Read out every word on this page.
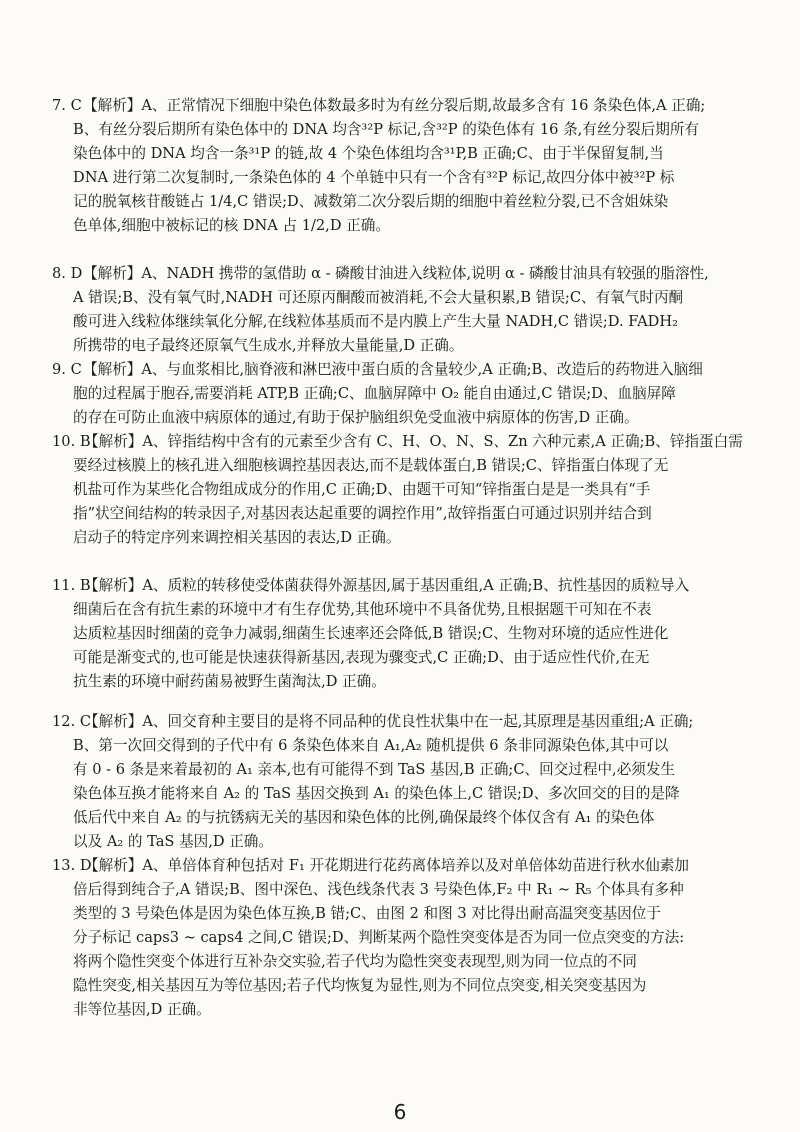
7. C【解析】A、正常情况下细胞中染色体数最多时为有丝分裂后期,故最多含有 16 条染色体,A 正确;
B、有丝分裂后期所有染色体中的 DNA 均含³²P 标记,含³²P 的染色体有 16 条,有丝分裂后期所有
染色体中的 DNA 均含一条³¹P 的链,故 4 个染色体组均含³¹P,B 正确;C、由于半保留复制,当
DNA 进行第二次复制时,一条染色体的 4 个单链中只有一个含有³²P 标记,故四分体中被³²P 标
记的脱氧核苷酸链占 1/4,C 错误;D、减数第二次分裂后期的细胞中着丝粒分裂,已不含姐妹染
色单体,细胞中被标记的核 DNA 占 1/2,D 正确。
8. D【解析】A、NADH 携带的氢借助 α - 磷酸甘油进入线粒体,说明 α - 磷酸甘油具有较强的脂溶性,
A 错误;B、没有氧气时,NADH 可还原丙酮酸而被消耗,不会大量积累,B 错误;C、有氧气时丙酮
酸可进入线粒体继续氧化分解,在线粒体基质而不是内膜上产生大量 NADH,C 错误;D. FADH₂
所携带的电子最终还原氧气生成水,并释放大量能量,D 正确。
9. C【解析】A、与血浆相比,脑脊液和淋巴液中蛋白质的含量较少,A 正确;B、改造后的药物进入脑细
胞的过程属于胞吞,需要消耗 ATP,B 正确;C、血脑屏障中 O₂ 能自由通过,C 错误;D、血脑屏障
的存在可防止血液中病原体的通过,有助于保护脑组织免受血液中病原体的伤害,D 正确。
10. B【解析】A、锌指结构中含有的元素至少含有 C、H、O、N、S、Zn 六种元素,A 正确;B、锌指蛋白需
要经过核膜上的核孔进入细胞核调控基因表达,而不是载体蛋白,B 错误;C、锌指蛋白体现了无
机盐可作为某些化合物组成成分的作用,C 正确;D、由题干可知“锌指蛋白是是一类具有“手
指”状空间结构的转录因子,对基因表达起重要的调控作用”,故锌指蛋白可通过识别并结合到
启动子的特定序列来调控相关基因的表达,D 正确。
11. B【解析】A、质粒的转移使受体菌获得外源基因,属于基因重组,A 正确;B、抗性基因的质粒导入
细菌后在含有抗生素的环境中才有生存优势,其他环境中不具备优势,且根据题干可知在不表
达质粒基因时细菌的竞争力减弱,细菌生长速率还会降低,B 错误;C、生物对环境的适应性进化
可能是渐变式的,也可能是快速获得新基因,表现为骤变式,C 正确;D、由于适应性代价,在无
抗生素的环境中耐药菌易被野生菌淘汰,D 正确。
12. C【解析】A、回交育种主要目的是将不同品种的优良性状集中在一起,其原理是基因重组;A 正确;
B、第一次回交得到的子代中有 6 条染色体来自 A₁,A₂ 随机提供 6 条非同源染色体,其中可以
有 0 - 6 条是来着最初的 A₁ 亲本,也有可能得不到 TaS 基因,B 正确;C、回交过程中,必须发生
染色体互换才能将来自 A₂ 的 TaS 基因交换到 A₁ 的染色体上,C 错误;D、多次回交的目的是降
低后代中来自 A₂ 的与抗锈病无关的基因和染色体的比例,确保最终个体仅含有 A₁ 的染色体
以及 A₂ 的 TaS 基因,D 正确。
13. D【解析】A、单倍体育种包括对 F₁ 开花期进行花药离体培养以及对单倍体幼苗进行秋水仙素加
倍后得到纯合子,A 错误;B、图中深色、浅色线条代表 3 号染色体,F₂ 中 R₁ ~ R₅ 个体具有多种
类型的 3 号染色体是因为染色体互换,B 错;C、由图 2 和图 3 对比得出耐高温突变基因位于
分子标记 caps3 ~ caps4 之间,C 错误;D、判断某两个隐性突变体是否为同一位点突变的方法:
将两个隐性突变个体进行互补杂交实验,若子代均为隐性突变表现型,则为同一位点的不同
隐性突变,相关基因互为等位基因;若子代均恢复为显性,则为不同位点突变,相关突变基因为
非等位基因,D 正确。
6
